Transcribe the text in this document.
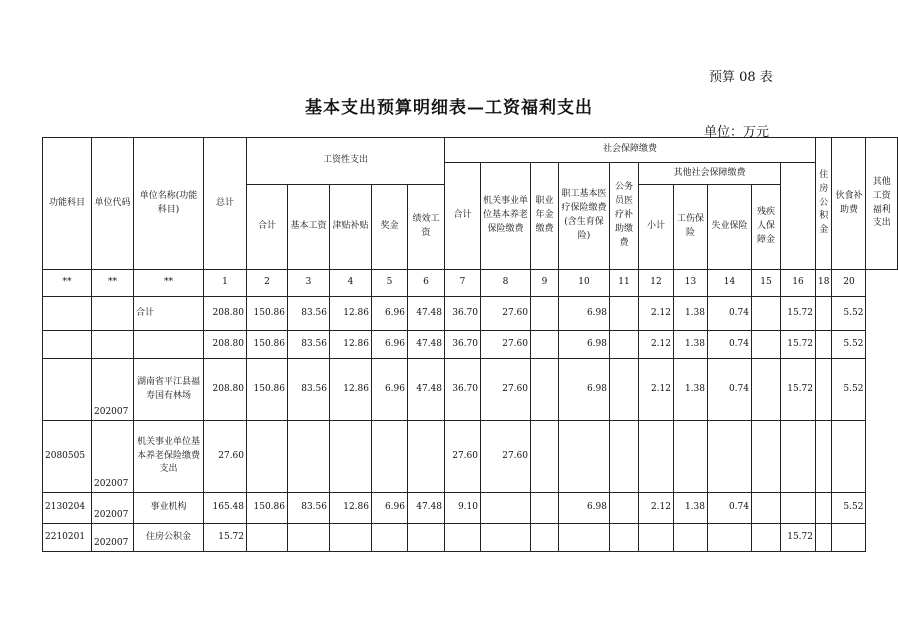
预算 08 表
基本支出预算明细表—工资福利支出
单位：万元
功能科目	单位代码	单位名称(功能科目)	总计	工资性支出					社会保障缴费										住房公积金	伙食补助费	其他工资福利支出
									合计	机关事业单位基本养老保险缴费	职业年金缴费	职工基本医疗保险缴费(含生育保险)	公务员医疗补助缴费	其他社会保障缴费							
				合计	基本工资	津贴补贴	奖金	绩效工资						小计	工伤保险	失业保险	残疾人保障金				
**	**	**	1	2	3	4	5	6	7	8	9	10	11	12	13	14	15	16	18	20	
		合计	208.80	150.86	83.56	12.86	6.96	47.48	36.70	27.60		6.98		2.12	1.38	0.74		15.72		5.52	
			208.80	150.86	83.56	12.86	6.96	47.48	36.70	27.60		6.98		2.12	1.38	0.74		15.72		5.52	
	202007	湖南省平江县福寿国有林场	208.80	150.86	83.56	12.86	6.96	47.48	36.70	27.60		6.98		2.12	1.38	0.74		15.72		5.52	
2080505	202007	机关事业单位基本养老保险缴费支出	27.60						27.60	27.60											
2130204	202007	事业机构	165.48	150.86	83.56	12.86	6.96	47.48	9.10			6.98		2.12	1.38	0.74				5.52	
2210201	202007	住房公积金	15.72															15.72			
